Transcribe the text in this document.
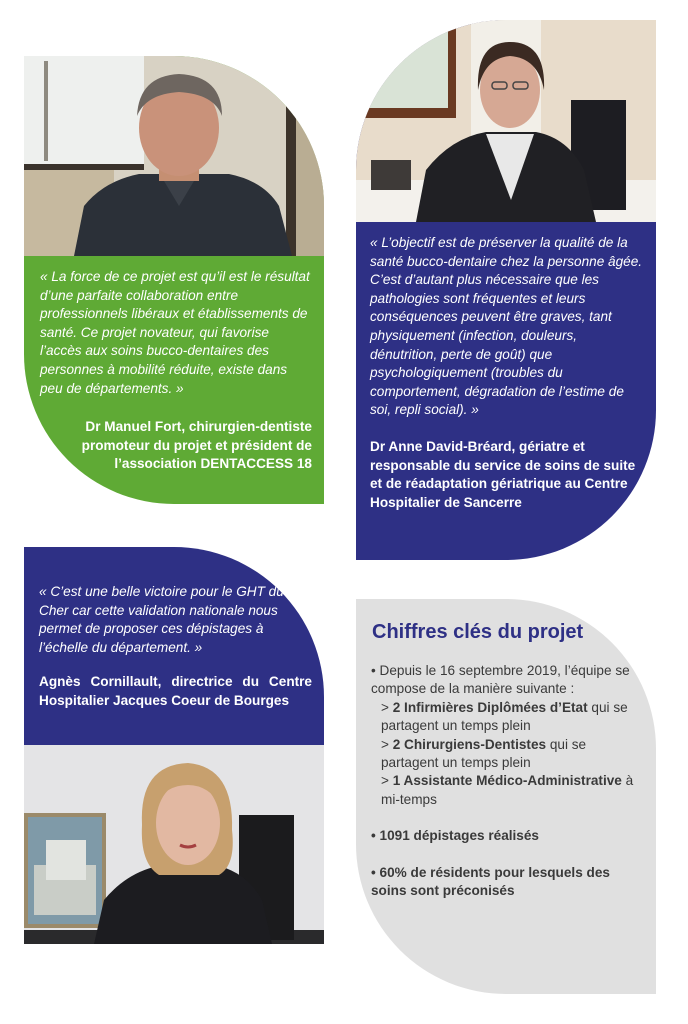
« La force de ce projet est qu’il est le résultat d’une parfaite collaboration entre professionnels libéraux et établissements de santé. Ce projet novateur, qui favorise l’accès aux soins bucco-dentaires des personnes à mobilité réduite, existe dans peu de départements. »
Dr Manuel Fort, chirurgien-dentiste
promoteur du projet et président de
l’association DENTACCESS 18
« L’objectif est de préserver la qualité de la santé bucco-dentaire chez la personne âgée. C’est d’autant plus nécessaire que les pathologies sont fréquentes et leurs conséquences peuvent être graves, tant physiquement (infection, douleurs, dénutrition, perte de goût) que psychologiquement (troubles du comportement, dégradation de l’estime de soi, repli social). »
Dr Anne David-Bréard, gériatre et responsable du service de soins de suite et de réadaptation gériatrique au Centre Hospitalier de Sancerre
« C’est une belle victoire pour le GHT du Cher car cette validation nationale nous permet de proposer ces dépistages à l’échelle du département. »
Agnès Cornillault, directrice du Centre Hospitalier Jacques Coeur de Bourges
Chiffres clés du projet
• Depuis le 16 septembre 2019, l’équipe se compose de la manière suivante :
> 2 Infirmières Diplômées d’Etat qui se partagent un temps plein
> 2 Chirurgiens-Dentistes qui se partagent un temps plein
> 1 Assistante Médico-Administrative à mi-temps
• 1091 dépistages réalisés
• 60% de résidents pour lesquels des soins sont préconisés
